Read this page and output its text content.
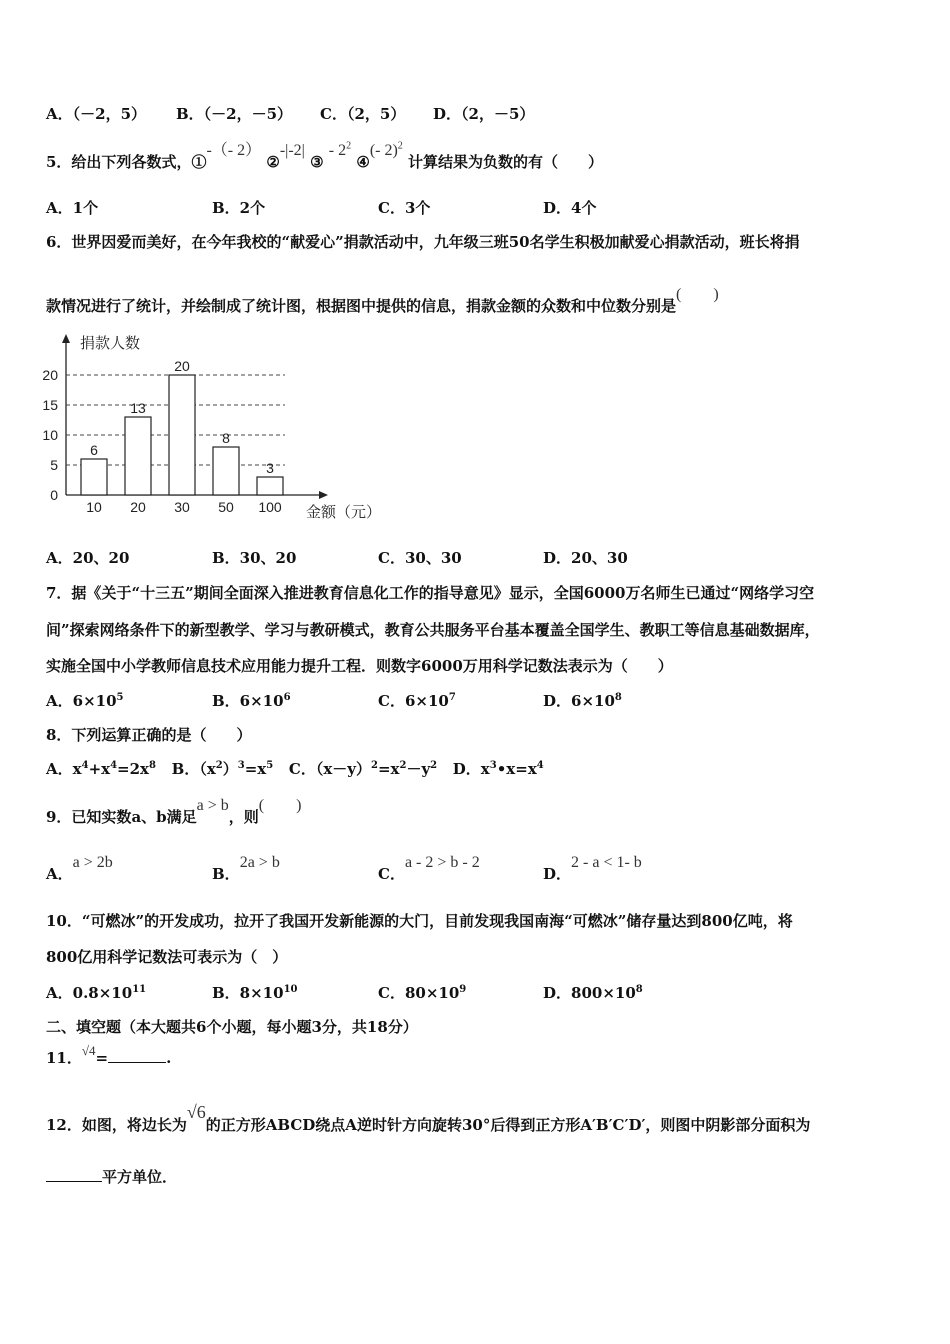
A．（－2，5） B．（－2，－5） C．（2，5） D．（2，－5）
5．给出下列各数式，①-（- 2） ②-|-2| ③ - $2^2$ ④(- 2)$^2$ 计算结果为负数的有（　　）
A．1个	B．2个	C．3个	D．4个
6．世界因爱而美好，在今年我校的“献爱心”捐款活动中，九年级三班50名学生积极加献爱心捐款活动，班长将捐
款情况进行了统计，并绘制成了统计图，根据图中提供的信息，捐款金额的众数和中位数分别是(　　)
捐款人数
金额（元）
0
5
10
15
20
6
10
13
20
20
30
8
50
3
100
A．20、20	B．30、20	C．30、30	D．20、30
7．据《关于“十三五”期间全面深入推进教育信息化工作的指导意见》显示，全国6000万名师生已通过“网络学习空
间”探索网络条件下的新型教学、学习与教研模式，教育公共服务平台基本覆盖全国学生、教职工等信息基础数据库，
实施全国中小学教师信息技术应用能力提升工程．则数字6000万用科学记数法表示为（　　）
A．$6\times 10^5$	B．$6\times 10^6$	C．$6\times 10^7$	D．$6\times 10^8$
8．下列运算正确的是（　　）
A．$x^4+x^4=2x^8$ B．$(x^2)^3=x^5$ C．$(x-y)^2=x^2-y^2$ D．$x^3•x=x^4$
9．已知实数a、b满足a > b，则(　　)
A．a > 2b
B．2a > b
C．a - 2 > b - 2
D．2 - a < 1- b
10．“可燃冰”的开发成功，拉开了我国开发新能源的大门，目前发现我国南海“可燃冰”储存量达到800亿吨，将
800亿用科学记数法可表示为（　）
A．$0.8\times 10^{11}$	B．$8\times 10^{10}$	C．$80\times 10^9$	D．$800\times 10^8$
二、填空题（本大题共6个小题，每小题3分，共18分）
11．√4=	.
12．如图，将边长为√6的正方形ABCD绕点A逆时针方向旋转30°后得到正方形A′B′C′D′，则图中阴影部分面积为
平方单位．
